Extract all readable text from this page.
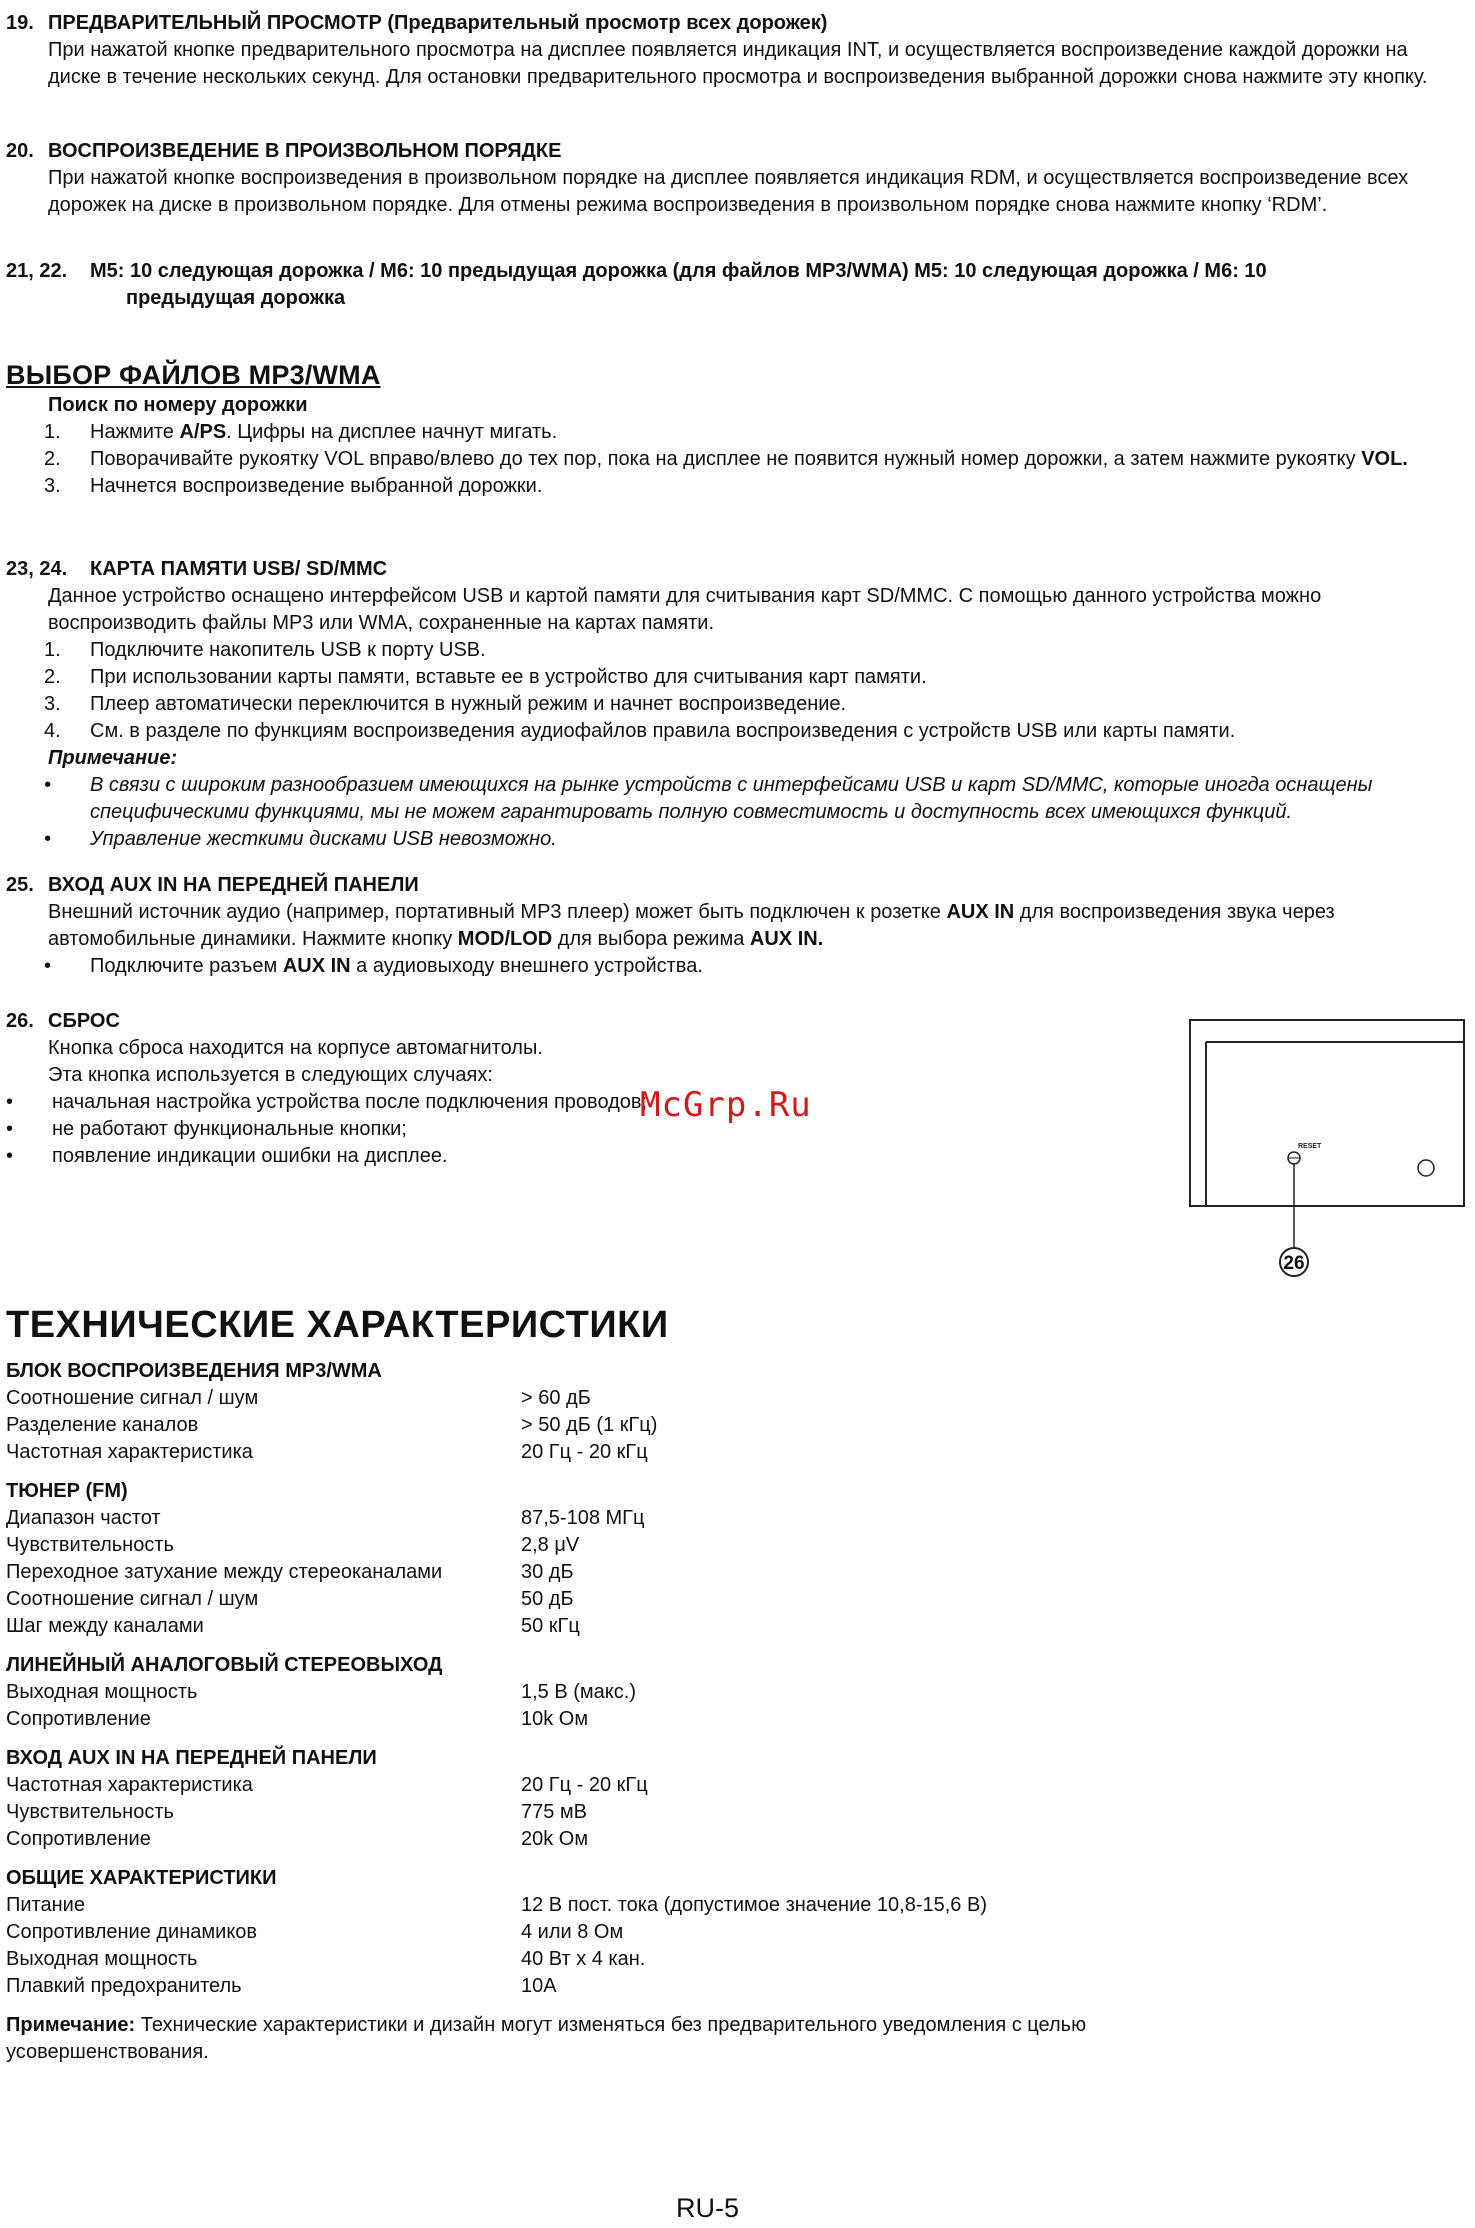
19. ПРЕДВАРИТЕЛЬНЫЙ ПРОСМОТР (Предварительный просмотр всех дорожек)
При нажатой кнопке предварительного просмотра на дисплее появляется индикация INT, и осуществляется воспроизведение каждой дорожки на диске в течение нескольких секунд. Для остановки предварительного просмотра и воспроизведения выбранной дорожки снова нажмите эту кнопку.
20. ВОСПРОИЗВЕДЕНИЕ В ПРОИЗВОЛЬНОМ ПОРЯДКЕ
При нажатой кнопке воспроизведения в произвольном порядке на дисплее появляется индикация RDM, и осуществляется воспроизведение всех дорожек на диске в произвольном порядке. Для отмены режима воспроизведения в произвольном порядке снова нажмите кнопку ‘RDM’.
21, 22.	M5: 10 следующая дорожка / M6: 10 предыдущая дорожка (для файлов MP3/WMA) M5: 10 следующая дорожка / M6: 10
предыдущая дорожка
ВЫБОР ФАЙЛОВ MP3/WMA
Поиск по номеру дорожки
1.	Нажмите A/PS. Цифры на дисплее начнут мигать.
2.	Поворачивайте рукоятку VOL вправо/влево до тех пор, пока на дисплее не появится нужный номер дорожки, а затем нажмите рукоятку VOL.
3.	Начнется воспроизведение выбранной дорожки.
23, 24.	КАРТА ПАМЯТИ USB/ SD/MMC
Данное устройство оснащено интерфейсом USB и картой памяти для считывания карт SD/MMC. С помощью данного устройства можно воспроизводить файлы MP3 или WMA, сохраненные на картах памяти.
1.	Подключите накопитель USB к порту USB.
2.	При использовании карты памяти, вставьте ее в устройство для считывания карт памяти.
3.	Плеер автоматически переключится в нужный режим и начнет воспроизведение.
4.	См. в разделе по функциям воспроизведения аудиофайлов правила воспроизведения с устройств USB или карты памяти.
Примечание:
•	В связи с широким разнообразием имеющихся на рынке устройств с интерфейсами USB и карт SD/MMC, которые иногда оснащены специфическими функциями, мы не можем гарантировать полную совместимость и доступность всех имеющихся функций.
•	Управление жесткими дисками USB невозможно.
25. ВХОД AUX IN НА ПЕРЕДНЕЙ ПАНЕЛИ
Внешний источник аудио (например, портативный MP3 плеер) может быть подключен к розетке AUX IN для воспроизведения звука через автомобильные динамики. Нажмите кнопку MOD/LOD для выбора режима AUX IN.
•	Подключите разъем AUX IN а аудиовыходу внешнего устройства.
26. СБРОС
Кнопка сброса находится на корпусе автомагнитолы.
Эта кнопка используется в следующих случаях:
•	начальная настройка устройства после подключения проводов;
•	не работают функциональные кнопки;
•	появление индикации ошибки на дисплее.	RESET
26
McGrp.Ru
ТЕХНИЧЕСКИЕ ХАРАКТЕРИСТИКИ
БЛОК ВОСПРОИЗВЕДЕНИЯ MP3/WMA
Соотношение сигнал / шум	> 60 дБ
Разделение каналов	> 50 дБ (1 кГц)
Частотная характеристика	20 Гц - 20 кГц
ТЮНЕР (FM)
Диапазон частот	87,5-108 МГц
Чувствительность	2,8 μV
Переходное затухание между стереоканалами	30 дБ
Соотношение сигнал / шум	50 дБ
Шаг между каналами	50 кГц
ЛИНЕЙНЫЙ АНАЛОГОВЫЙ СТЕРЕОВЫХОД
Выходная мощность	1,5 В (макс.)
Сопротивление	10k Ом
ВХОД AUX IN НА ПЕРЕДНЕЙ ПАНЕЛИ
Частотная характеристика	20 Гц - 20 кГц
Чувствительность	775 мВ
Сопротивление	20k Ом
ОБЩИЕ ХАРАКТЕРИСТИКИ
Питание	12 В пост. тока (допустимое значение 10,8-15,6 В)
Сопротивление динамиков	4 или 8 Ом
Выходная мощность	40 Вт x 4 кан.
Плавкий предохранитель	10А
Примечание: Технические характеристики и дизайн могут изменяться без предварительного уведомления с целью усовершенствования.
RU-5
